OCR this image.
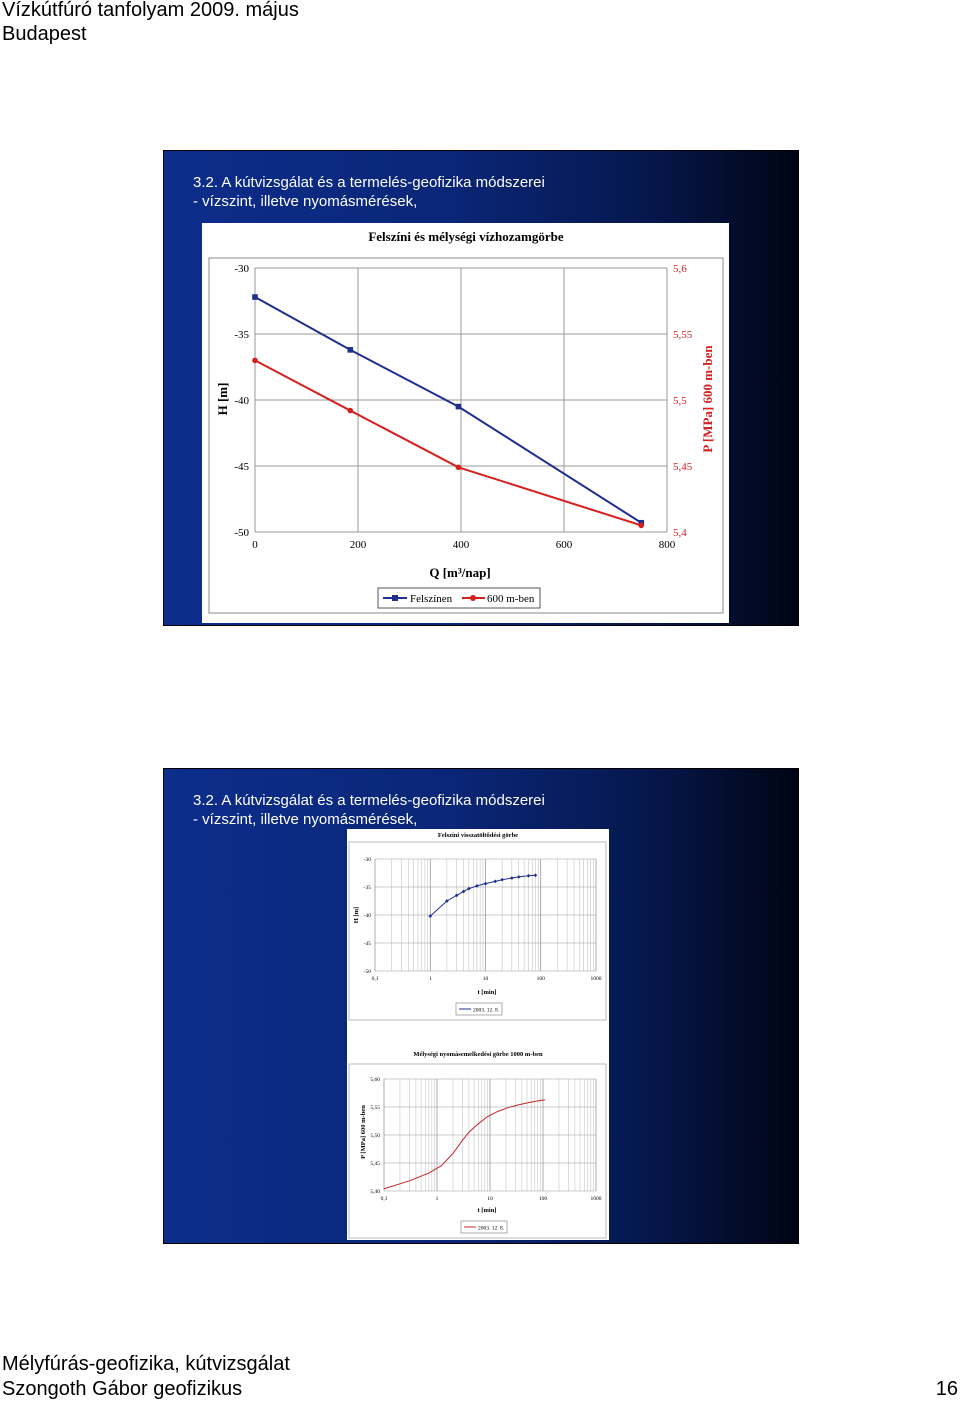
Vízkútfúró tanfolyam 2009. május
Budapest
3.2. A kútvizsgálat és a termelés-geofizika módszerei
- vízszint, illetve nyomásmérések,
Felszíni és mélységi vízhozamgörbe
-30
-35
-40
-45
-50
5,6
5,55
5,5
5,45
5,4
0	200	400	600	800
H [m]	P [MPa] 600 m-ben
Q [m³/nap]
Felszínen	600 m-ben
3.2. A kútvizsgálat és a termelés-geofizika módszerei
- vízszint, illetve nyomásmérések,
Felszíni visszatöltődési görbe
-30
-35
-40
-45
-50
0,1	1	10	100	1000
H [m]
t [min]
2003. 12. 8.
Mélységi nyomásemelkedési görbe 1000 m-ben
5,60
5,55
5,50
5,45
5,40
0,1	1	10	100	1000
P [MPa] 600 m-ben
t [min]
2003. 12. 8.
Mélyfúrás-geofizika, kútvizsgálat
Szongoth Gábor geofizikus	16
